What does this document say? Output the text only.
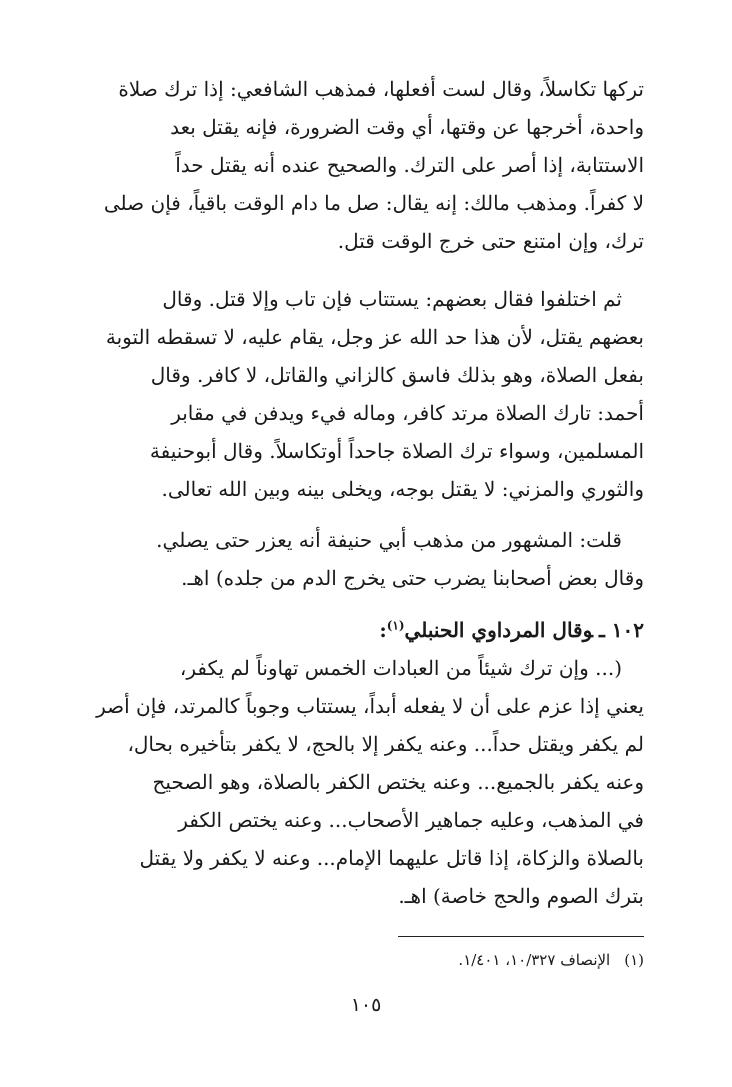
تركها تكاسلاً، وقال لست أفعلها، فمذهب الشافعي: إذا ترك صلاة
واحدة، أخرجها عن وقتها، أي وقت الضرورة، فإنه يقتل بعد
الاستتابة، إذا أصر على الترك. والصحيح عنده أنه يقتل حداً
لا كفراً. ومذهب مالك: إنه يقال: صل ما دام الوقت باقياً، فإن صلى
ترك، وإن امتنع حتى خرج الوقت قتل.
ثم اختلفوا فقال بعضهم: يستتاب فإن تاب وإلا قتل. وقال
بعضهم يقتل، لأن هذا حد الله عز وجل، يقام عليه، لا تسقطه التوبة
بفعل الصلاة، وهو بذلك فاسق كالزاني والقاتل، لا كافر. وقال
أحمد: تارك الصلاة مرتد كافر، وماله فيء ويدفن في مقابر
المسلمين، وسواء ترك الصلاة جاحداً أوتكاسلاً. وقال أبوحنيفة
والثوري والمزني: لا يقتل بوجه، ويخلى بينه وبين الله تعالى.
قلت: المشهور من مذهب أبي حنيفة أنه يعزر حتى يصلي.
وقال بعض أصحابنا يضرب حتى يخرج الدم من جلده) اهـ.
١٠٢ ـوقال المرداوي الحنبلي$^{(١)}$:
(... وإن ترك شيئاً من العبادات الخمس تهاوناً لم يكفر،
يعني إذا عزم على أن لا يفعله أبداً، يستتاب وجوباً كالمرتد، فإن أصر
لم يكفر ويقتل حداً... وعنه يكفر إلا بالحج، لا يكفر بتأخيره بحال،
وعنه يكفر بالجميع... وعنه يختص الكفر بالصلاة، وهو الصحيح
في المذهب، وعليه جماهير الأصحاب... وعنه يختص الكفر
بالصلاة والزكاة، إذا قاتل عليهما الإمام... وعنه لا يكفر ولا يقتل
بترك الصوم والحج خاصة) اهـ.
(١)الإنصاف ١٠/٣٢٧، ١/٤٠١.
١٠٥
